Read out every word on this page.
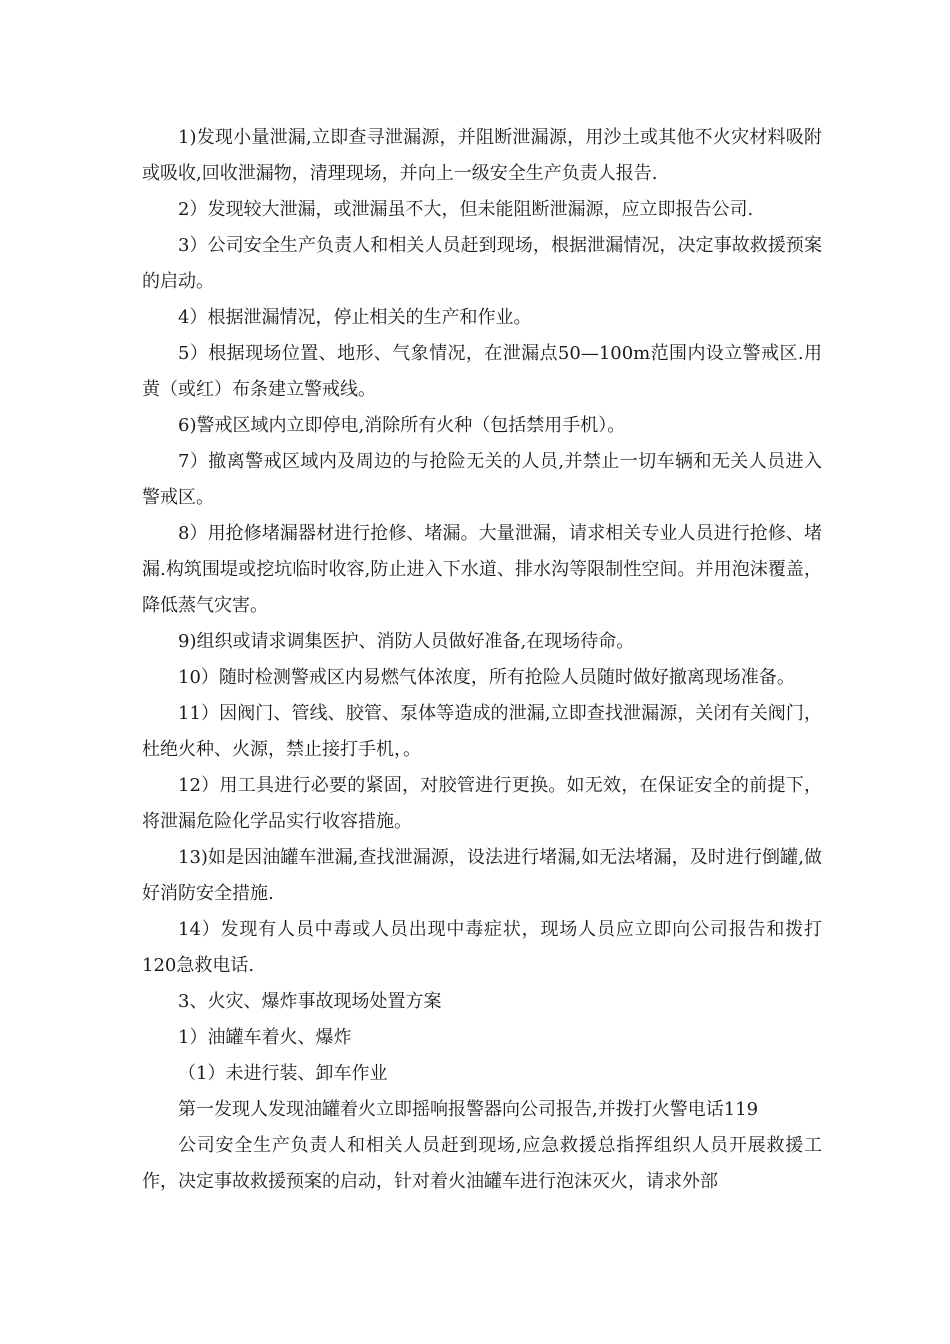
1)发现小量泄漏,立即查寻泄漏源，并阻断泄漏源，用沙土或其他不火灾材料吸附或吸收,回收泄漏物，清理现场，并向上一级安全生产负责人报告.

2）发现较大泄漏，或泄漏虽不大，但未能阻断泄漏源，应立即报告公司.

3）公司安全生产负责人和相关人员赶到现场，根据泄漏情况，决定事故救援预案的启动。

4）根据泄漏情况，停止相关的生产和作业。

5）根据现场位置、地形、气象情况，在泄漏点50—100m范围内设立警戒区.用黄（或红）布条建立警戒线。

6)警戒区域内立即停电,消除所有火种（包括禁用手机）。

7）撤离警戒区域内及周边的与抢险无关的人员,并禁止一切车辆和无关人员进入警戒区。

8）用抢修堵漏器材进行抢修、堵漏。大量泄漏，请求相关专业人员进行抢修、堵漏.构筑围堤或挖坑临时收容,防止进入下水道、排水沟等限制性空间。并用泡沫覆盖，降低蒸气灾害。

9)组织或请求调集医护、消防人员做好准备,在现场待命。

10）随时检测警戒区内易燃气体浓度，所有抢险人员随时做好撤离现场准备。

11）因阀门、管线、胶管、泵体等造成的泄漏,立即查找泄漏源，关闭有关阀门，杜绝火种、火源，禁止接打手机，。

12）用工具进行必要的紧固，对胶管进行更换。如无效，在保证安全的前提下，将泄漏危险化学品实行收容措施。

13)如是因油罐车泄漏,查找泄漏源，设法进行堵漏,如无法堵漏，及时进行倒罐,做好消防安全措施.

14）发现有人员中毒或人员出现中毒症状，现场人员应立即向公司报告和拨打120急救电话.

3、火灾、爆炸事故现场处置方案

1）油罐车着火、爆炸

（1）未进行装、卸车作业

第一发现人发现油罐着火立即摇响报警器向公司报告,并拨打火警电话119

公司安全生产负责人和相关人员赶到现场,应急救援总指挥组织人员开展救援工作，决定事故救援预案的启动，针对着火油罐车进行泡沫灭火，请求外部
